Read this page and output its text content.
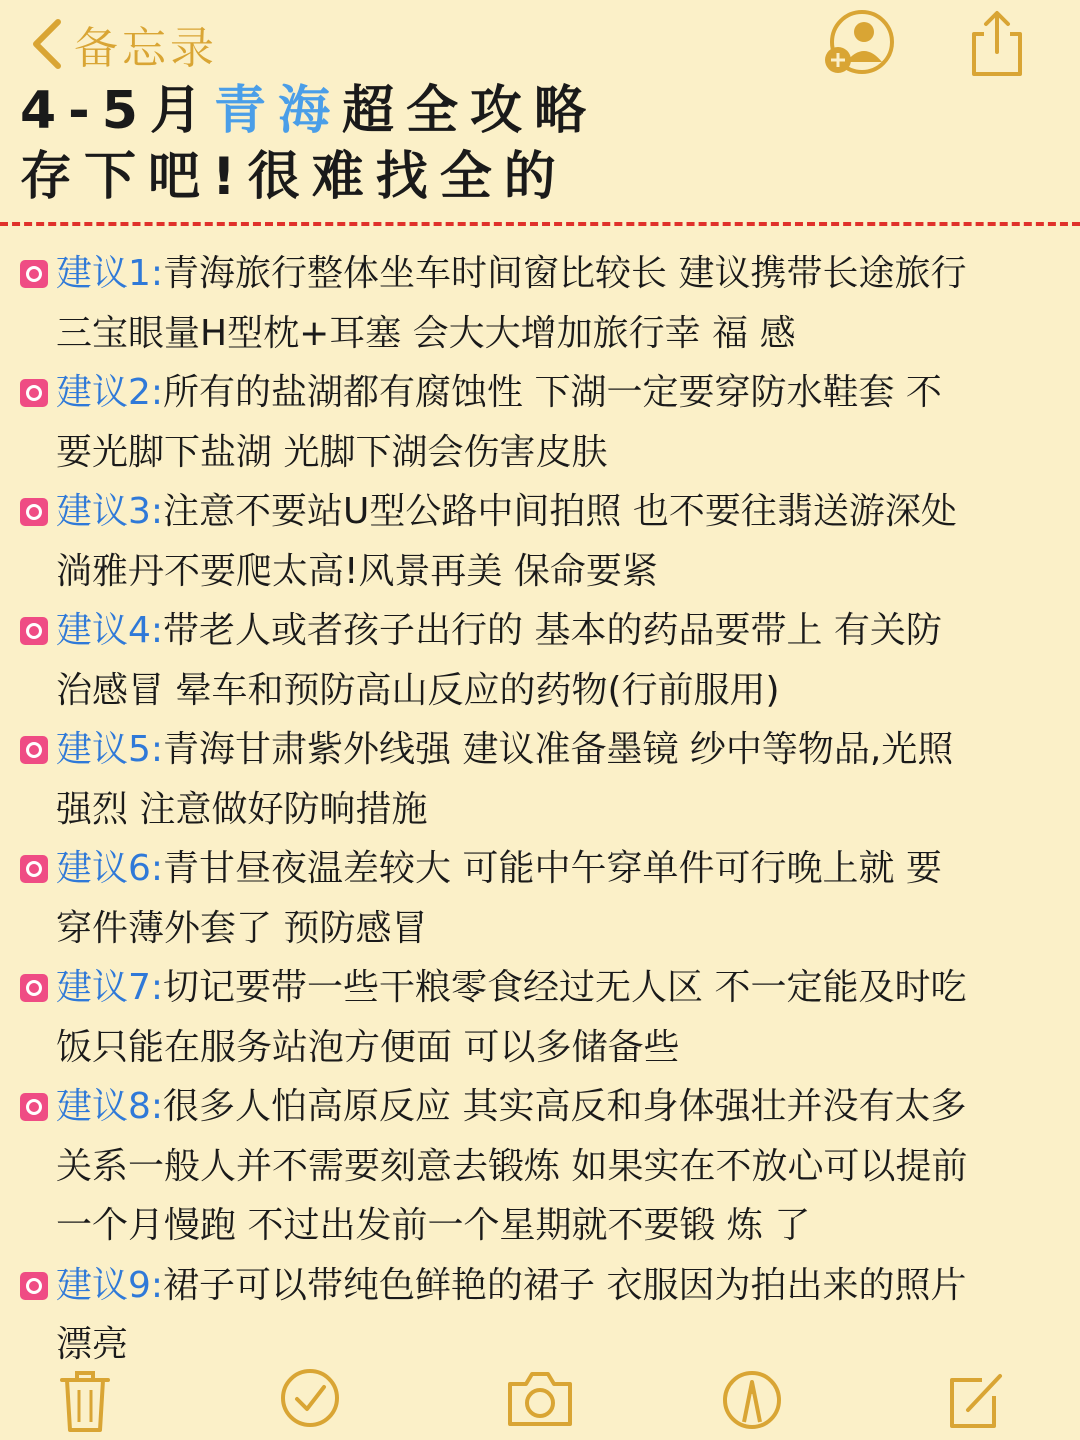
备忘录
4-5月青海超全攻略
存下吧!很难找全的
建议1:青海旅行整体坐车时间窗比较长 建议携带长途旅行
三宝眼量H型枕+耳塞 会大大增加旅行幸 福 感
建议2:所有的盐湖都有腐蚀性 下湖一定要穿防水鞋套 不
要光脚下盐湖 光脚下湖会伤害皮肤
建议3:注意不要站U型公路中间拍照 也不要往翡送游深处
淌雅丹不要爬太高!风景再美 保命要紧
建议4:带老人或者孩子出行的 基本的药品要带上 有关防
治感冒 晕车和预防高山反应的药物(行前服用)
建议5:青海甘肃紫外线强 建议准备墨镜 纱中等物品,光照
强烈 注意做好防晌措施
建议6:青甘昼夜温差较大 可能中午穿单件可行晚上就 要
穿件薄外套了 预防感冒
建议7:切记要带一些干粮零食经过无人区 不一定能及时吃
饭只能在服务站泡方便面 可以多储备些
建议8:很多人怕高原反应 其实高反和身体强壮并没有太多
关系一般人并不需要刻意去锻炼 如果实在不放心可以提前
一个月慢跑 不过出发前一个星期就不要锻 炼 了
建议9:裙子可以带纯色鲜艳的裙子 衣服因为拍出来的照片
漂亮
